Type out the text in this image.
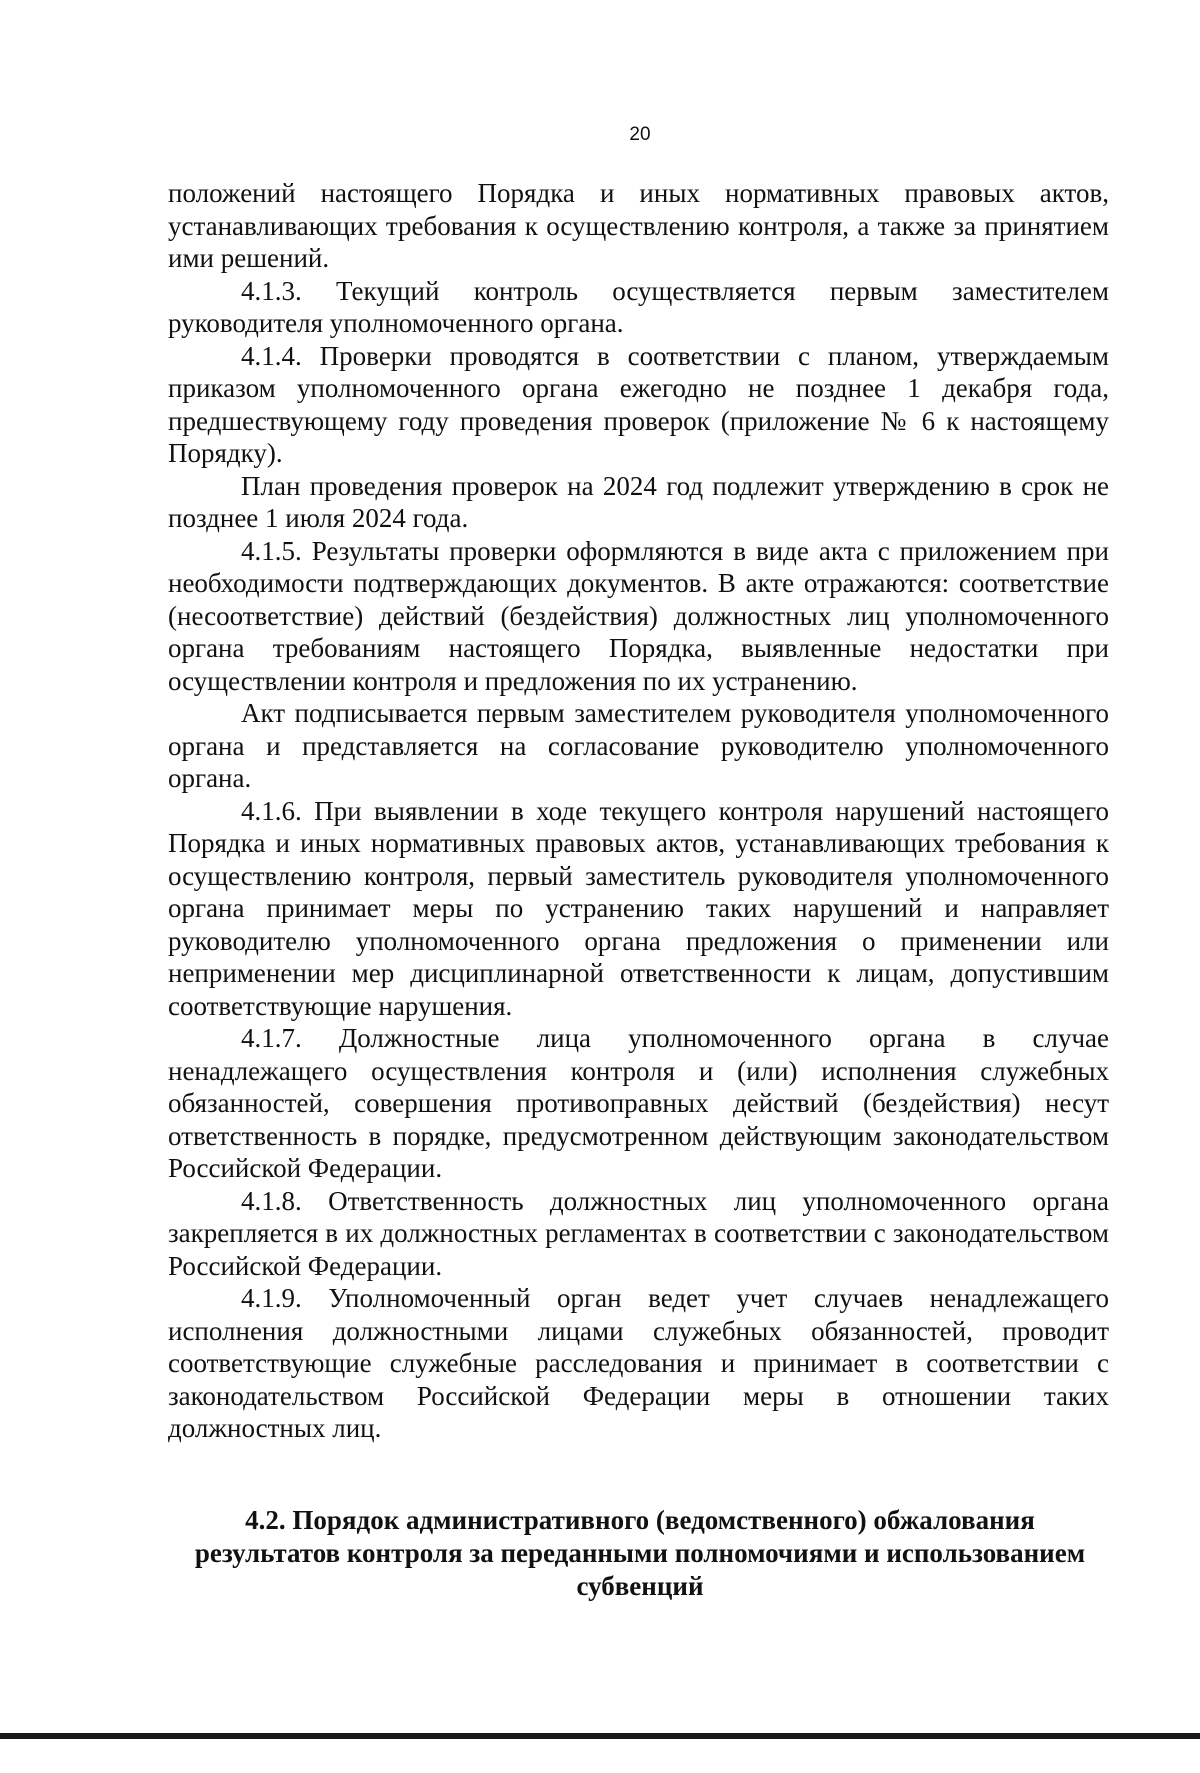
20

положений настоящего Порядка и иных нормативных правовых актов, устанавливающих требования к осуществлению контроля, а также за принятием ими решений.

4.1.3. Текущий контроль осуществляется первым заместителем руководителя уполномоченного органа.

4.1.4. Проверки проводятся в соответствии с планом, утверждаемым приказом уполномоченного органа ежегодно не позднее 1 декабря года, предшествующему году проведения проверок (приложение № 6 к настоящему Порядку).

План проведения проверок на 2024 год подлежит утверждению в срок не позднее 1 июля 2024 года.

4.1.5. Результаты проверки оформляются в виде акта с приложением при необходимости подтверждающих документов. В акте отражаются: соответствие (несоответствие) действий (бездействия) должностных лиц уполномоченного органа требованиям настоящего Порядка, выявленные недостатки при осуществлении контроля и предложения по их устранению.

Акт подписывается первым заместителем руководителя уполномоченного органа и представляется на согласование руководителю уполномоченного органа.

4.1.6. При выявлении в ходе текущего контроля нарушений настоящего Порядка и иных нормативных правовых актов, устанавливающих требования к осуществлению контроля, первый заместитель руководителя уполномоченного органа принимает меры по устранению таких нарушений и направляет руководителю уполномоченного органа предложения о применении или неприменении мер дисциплинарной ответственности к лицам, допустившим соответствующие нарушения.

4.1.7. Должностные лица уполномоченного органа в случае ненадлежащего осуществления контроля и (или) исполнения служебных обязанностей, совершения противоправных действий (бездействия) несут ответственность в порядке, предусмотренном действующим законодательством Российской Федерации.

4.1.8. Ответственность должностных лиц уполномоченного органа закрепляется в их должностных регламентах в соответствии с законодательством Российской Федерации.

4.1.9. Уполномоченный орган ведет учет случаев ненадлежащего исполнения должностными лицами служебных обязанностей, проводит соответствующие служебные расследования и принимает в соответствии с законодательством Российской Федерации меры в отношении таких должностных лиц.

4.2. Порядок административного (ведомственного) обжалования
результатов контроля за переданными полномочиями и использованием
субвенций
